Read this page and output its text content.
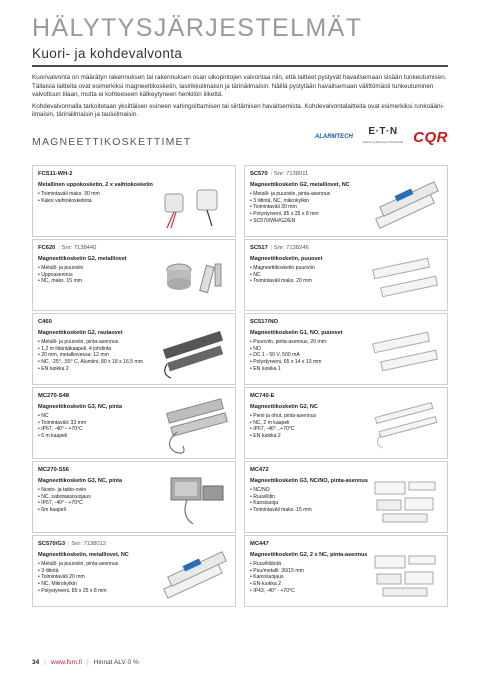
HÄLYTYSJÄRJESTELMÄT
Kuori- ja kohdevalvonta

Kuorivalvonta on määrätyn rakennuksen tai rakennuksen osan ulkopintojen valvontaa niin, että laitteet pystyvät havaitsemaan sisään tunkeutumisen. Tällaisia laitteita ovat esimerkiksi magneettikosketin, lasirikkoilmaisin ja tärinäilmaisin. Näillä pystytään havaitsemaan välittömästi tunkeutuminen valvottuun tilaan, mutta ei kohteeseen kätkeytyneen henkilön liikettä.

Kohdevalvonnalla tarkoitetaan yksittäisen esineen vahingoittamisen tai siirtämisen havaitsemista. Kohdevalvontalaitteita ovat esimerkiksi runkoääni-ilmaisin, tärinäilmaisin ja tauluilmaisin.

MAGNEETTIKOSKETTIMET	ALARMTECH	E·T·N
Powering Business Worldwide CQR
FCS11-WH-2
Metallinen uppokosketin, 2 x vaihtokosketin
• Toimintaväli maks. 30 mm
• Kaksi vaihtokosketinta
SC570 | Snr: 7138011
Magneettikosketin G2, metalliovet, NC
• Metalli- ja puuoviin, pinta-asennus
• 3 liitintä, NC, mikrokytkin
• Toimintaväli 30 mm
• Polystyreeni, 85 x 25 x 8 mm
• SC570/WH/G2/EN
FC620 | Snr: 7138440
Magneettikosketin G2, metalliovet
• Metalli- ja puuoviin
• Uppoasennus
• NC, maks. 15 mm
SC517 | Snr: 7138246
Magneettikosketin, puuovet
• Magneettikosketin puuoviin
• NC
• Toimintaväli maks. 20 mm
C460
Magneettikosketin G2, rautaovet
• Metalli- ja puuoviin, pinta-asennus
• 1,2 m liitäntäkaapeli, 4 johdinta
• 20 mm, metalliovessa: 12 mm
• NC, -25°...55° C, Alumiini, 80 x 18 x 16,5 mm
• EN luokka 2
SC517/NO
Magneettikosketin G1, NO, puuovet
• Puuoviin, pinta-asennus, 20 mm
• NO
• DC 1 - 50 V, 500 mA
• Polystyreeni, 65 x 14 x 13 mm
• EN luokka 1
MC270-S48
Magneettikosketin G3, NC, pinta
• NC
• Toimintaväli: 33 mm
• IP67, -40° - +70°C
• 6 m kaapeli
MC740-E
Magneettikosketin G2, NC
• Pieni ja ohut, pinta-asennus
• NC, 2 m kaapeli
• IP67, -40°...+70°C
• EN luokka 2
MC270-S56
Magneettikosketin G3, NC, pinta
• Nosto- ja taitto-oviin
• NC, sabotaasisuojaus
• IP67, -40° - +70°C
• 6m kaapeli
MC472
Magneettikosketin G3, NC/NO, pinta-asennus
• NC/NO
• Ruuviliitin
• Kansisuoja
• Toimintaväli maks. 15 mm
SC570/G3 | Snr: 7138012
Magneettikosketin, metalliovet, NC
• Metalli- ja puuoviin, pinta-asennus
• 3 liitintä
• Toimintaväli 20 mm
• NC, Mikrokytkin
• Polystyreeni, 85 x 25 x 8 mm
MC447
Magneettikosketin G2, 2 x NC, pinta-asennus
• Ruuviliitäntä
• Puu/metalli: 30/15 mm
• Kansisuojaus
• EN-luokka 2
• IP43, -40° - +70°C
34 | www.fsm.fi | Hinnat ALV 0 %
